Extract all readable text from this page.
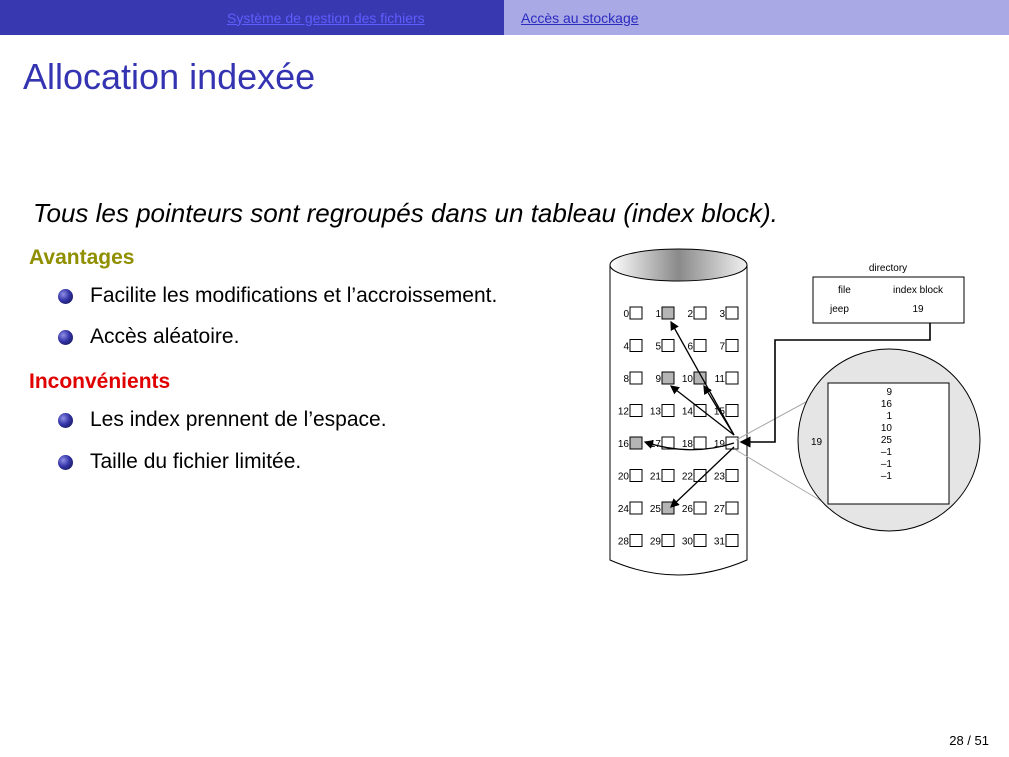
Système de gestion des fichiers	Accès au stockage
Allocation indexée
Tous les pointeurs sont regroupés dans un tableau (index block).
Avantages
Facilite les modifications et l’accroissement.
Accès aléatoire.
Inconvénients
Les index prennent de l’espace.
Taille du fichier limitée.
0	1	2	3
4	5	6	7
8	9 10 11
12 13 14 15
16 17 18 19
20 21 22 23
24 25 26 27
28 29 30 31
19
9
16
1
10
25
–1
–1
–1
directory
file	index block
jeep	19
28 / 51
